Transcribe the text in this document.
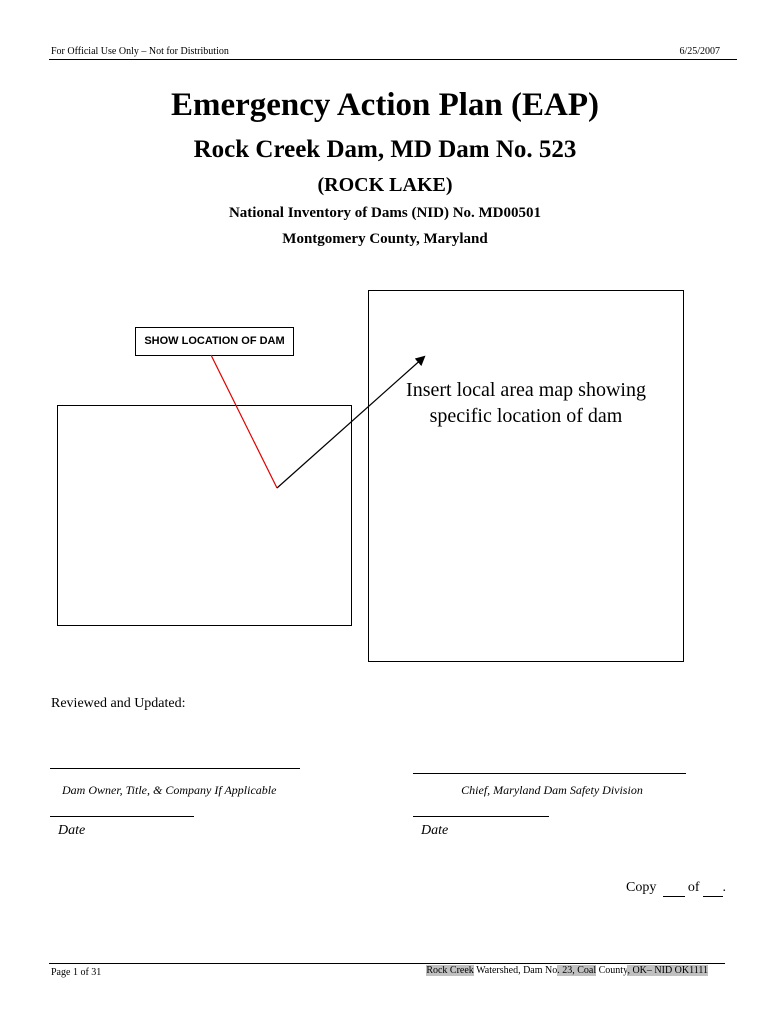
For Official Use Only – Not for Distribution	6/25/2007
Emergency Action Plan (EAP)
Rock Creek Dam, MD Dam No. 523
(ROCK LAKE)
National Inventory of Dams (NID) No. MD00501
Montgomery County, Maryland
Insert local area map showing
specific location of dam
SHOW LOCATION OF DAM
Reviewed and Updated:
Dam Owner, Title, & Company If Applicable	Chief, Maryland Dam Safety Division
Date	Date
Copy of .
Page 1 of 31	Rock Creek Watershed, Dam No. 23, Coal County, OK– NID OK1111
